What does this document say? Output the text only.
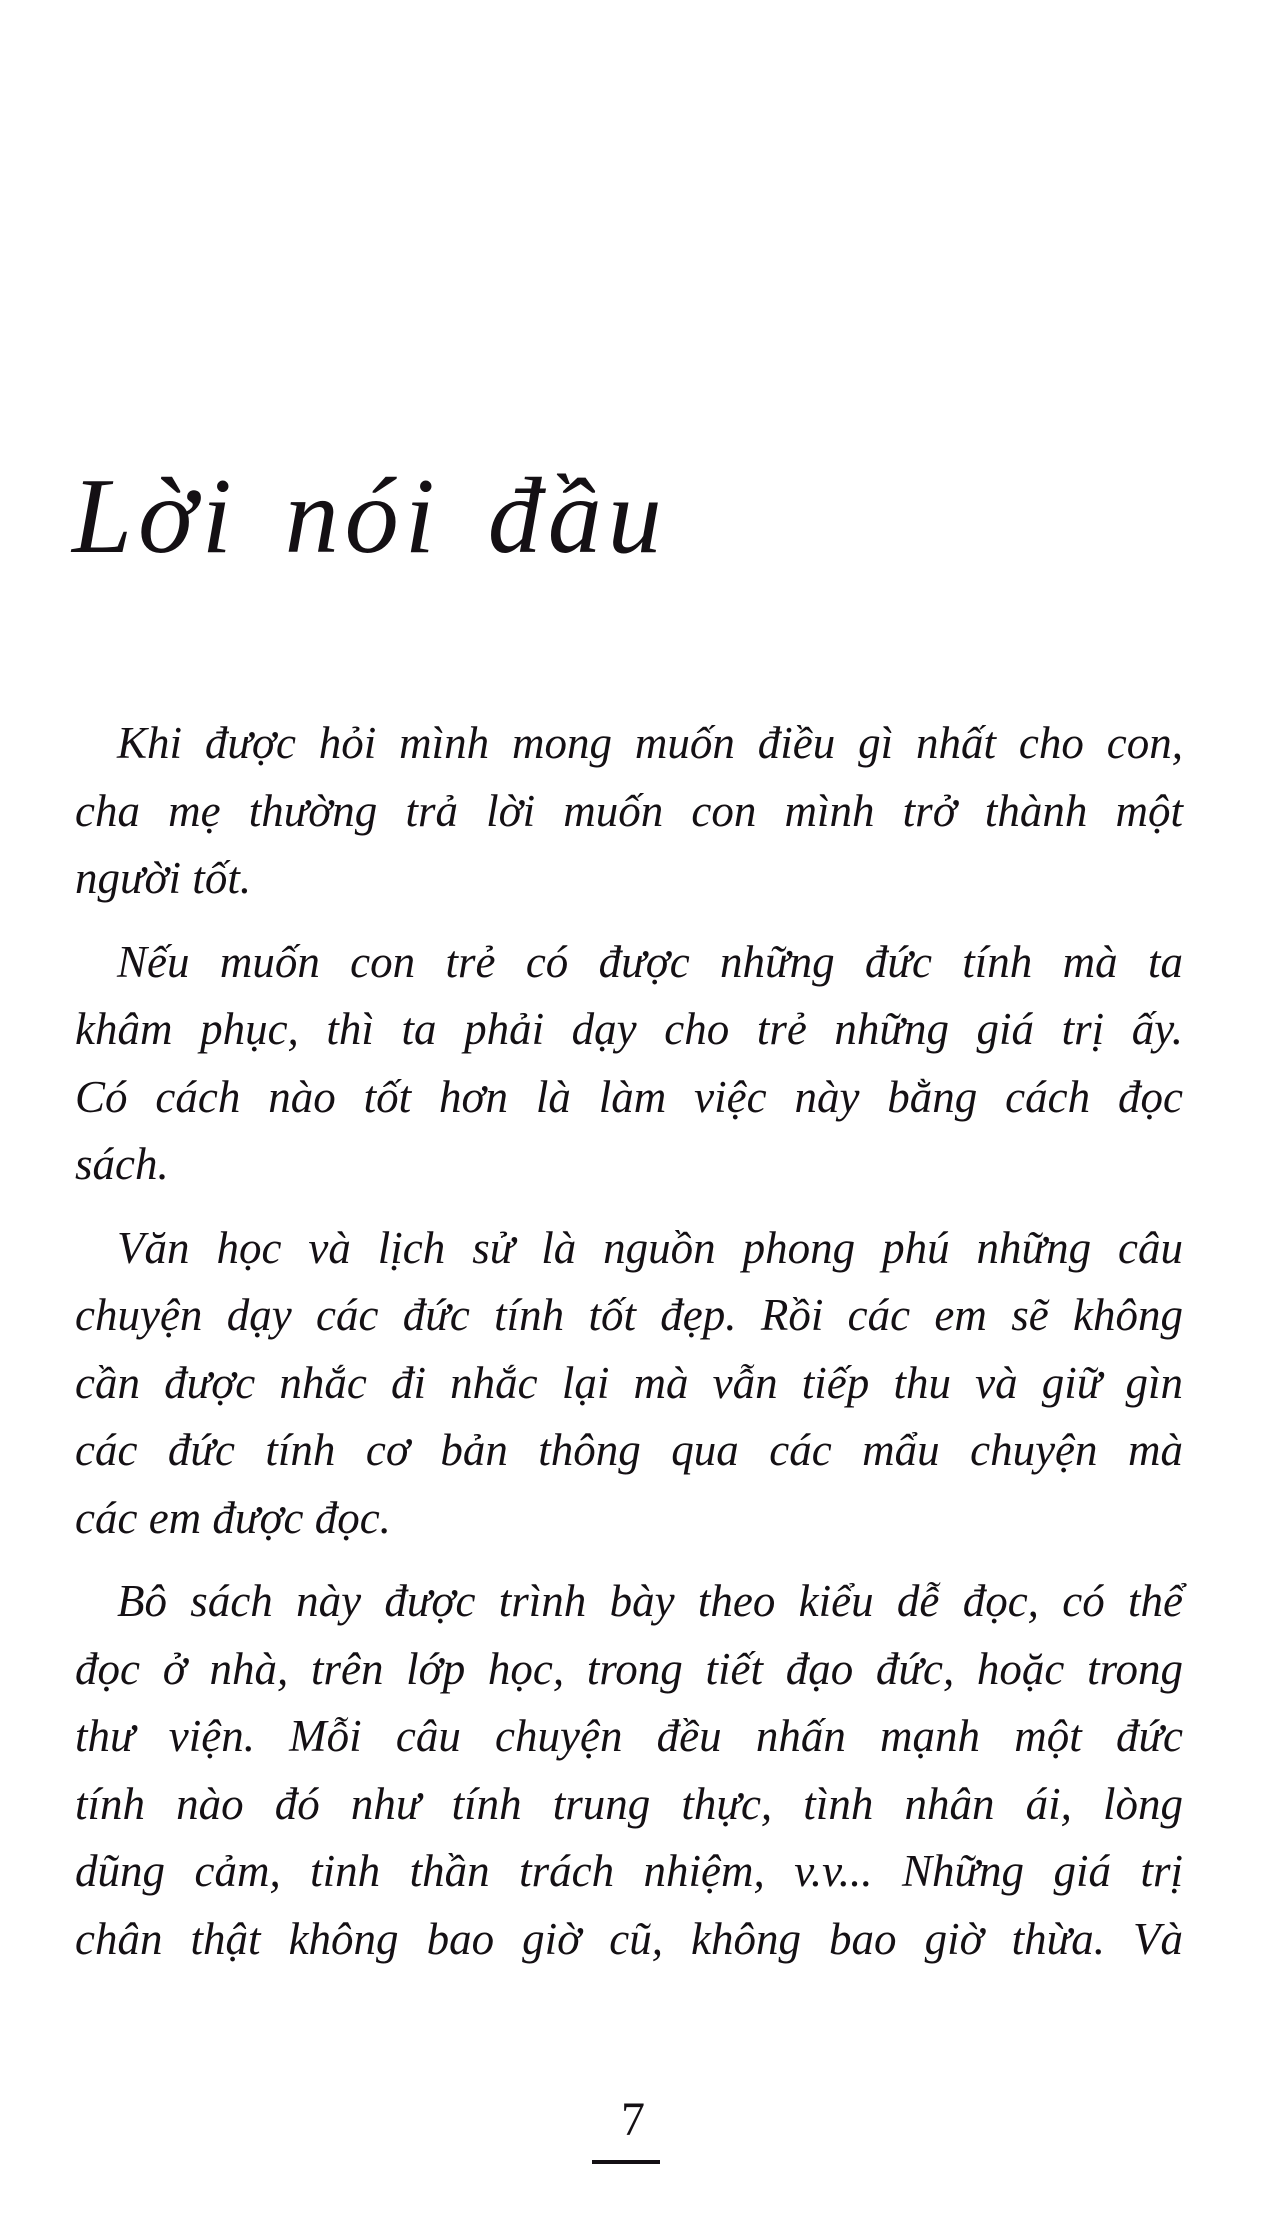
Lời nói đầu
Khi được hỏi mình mong muốn điều gì nhất cho con,
cha mẹ thường trả lời muốn con mình trở thành một
người tốt.
Nếu muốn con trẻ có được những đức tính mà ta
khâm phục, thì ta phải dạy cho trẻ những giá trị ấy.
Có cách nào tốt hơn là làm việc này bằng cách đọc
sách.
Văn học và lịch sử là nguồn phong phú những câu
chuyện dạy các đức tính tốt đẹp. Rồi các em sẽ không
cần được nhắc đi nhắc lại mà vẫn tiếp thu và giữ gìn
các đức tính cơ bản thông qua các mẩu chuyện mà
các em được đọc.
Bô sách này được trình bày theo kiểu dễ đọc, có thể
đọc ở nhà, trên lớp học, trong tiết đạo đức, hoặc trong
thư viện. Mỗi câu chuyện đều nhấn mạnh một đức
tính nào đó như tính trung thực, tình nhân ái, lòng
dũng cảm, tinh thần trách nhiệm, v.v... Những giá trị
chân thật không bao giờ cũ, không bao giờ thừa. Và
7
